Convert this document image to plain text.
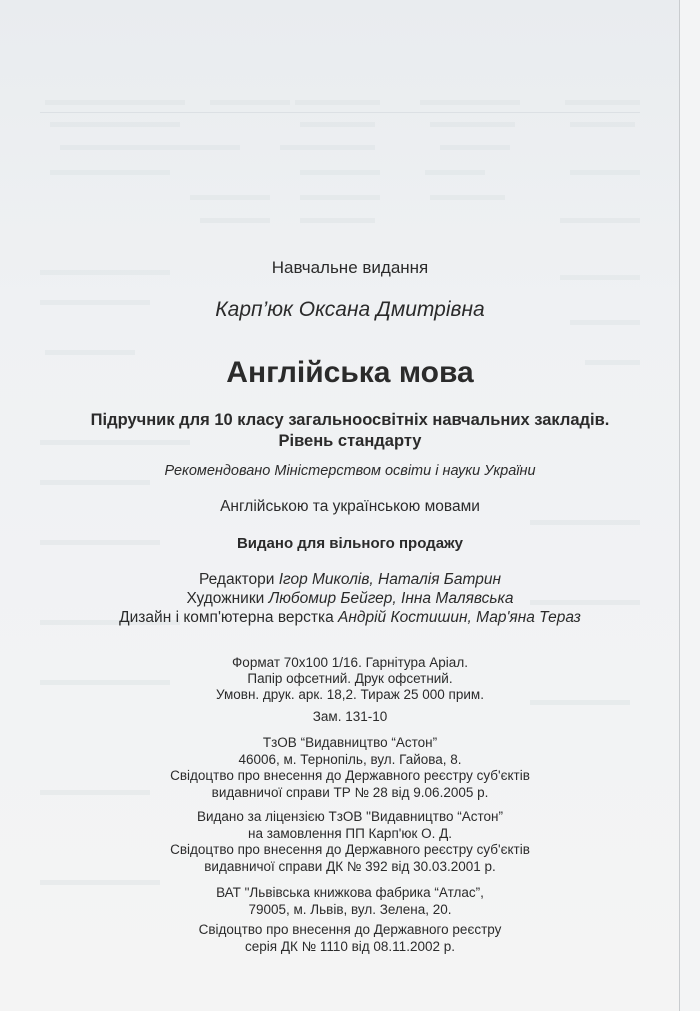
Навчальне видання
Карп’юк Оксана Дмитрівна
Англійська мова
Підручник для 10 класу загальноосвітніх навчальних закладів.
Рівень стандарту
Рекомендовано Міністерством освіти і науки України
Англійською та українською мовами
Видано для вільного продажу
Редактори Ігор Миколів, Наталія Батрин
Художники Любомир Бейгер, Інна Малявська
Дизайн і комп'ютерна верстка Андрій Костишин, Мар'яна Тераз
Формат 70x100 1/16. Гарнітура Аріал.
Папір офсетний. Друк офсетний.
Умовн. друк. арк. 18,2. Тираж 25 000 прим.
Зам. 131-10
ТзОВ “Видавництво “Астон”
46006, м. Тернопіль, вул. Гайова, 8.
Свідоцтво про внесення до Державного реєстру суб'єктів
видавничої справи ТР № 28 від 9.06.2005 р.
Видано за ліцензією ТзОВ "Видавництво “Астон”
на замовлення ПП Карп'юк О. Д.
Свідоцтво про внесення до Державного реєстру суб'єктів
видавничої справи ДК № 392 від 30.03.2001 р.
ВАТ "Львівська книжкова фабрика “Атлас”,
79005, м. Львів, вул. Зелена, 20.
Свідоцтво про внесення до Державного реєстру
серія ДК № 1110 від 08.11.2002 р.
